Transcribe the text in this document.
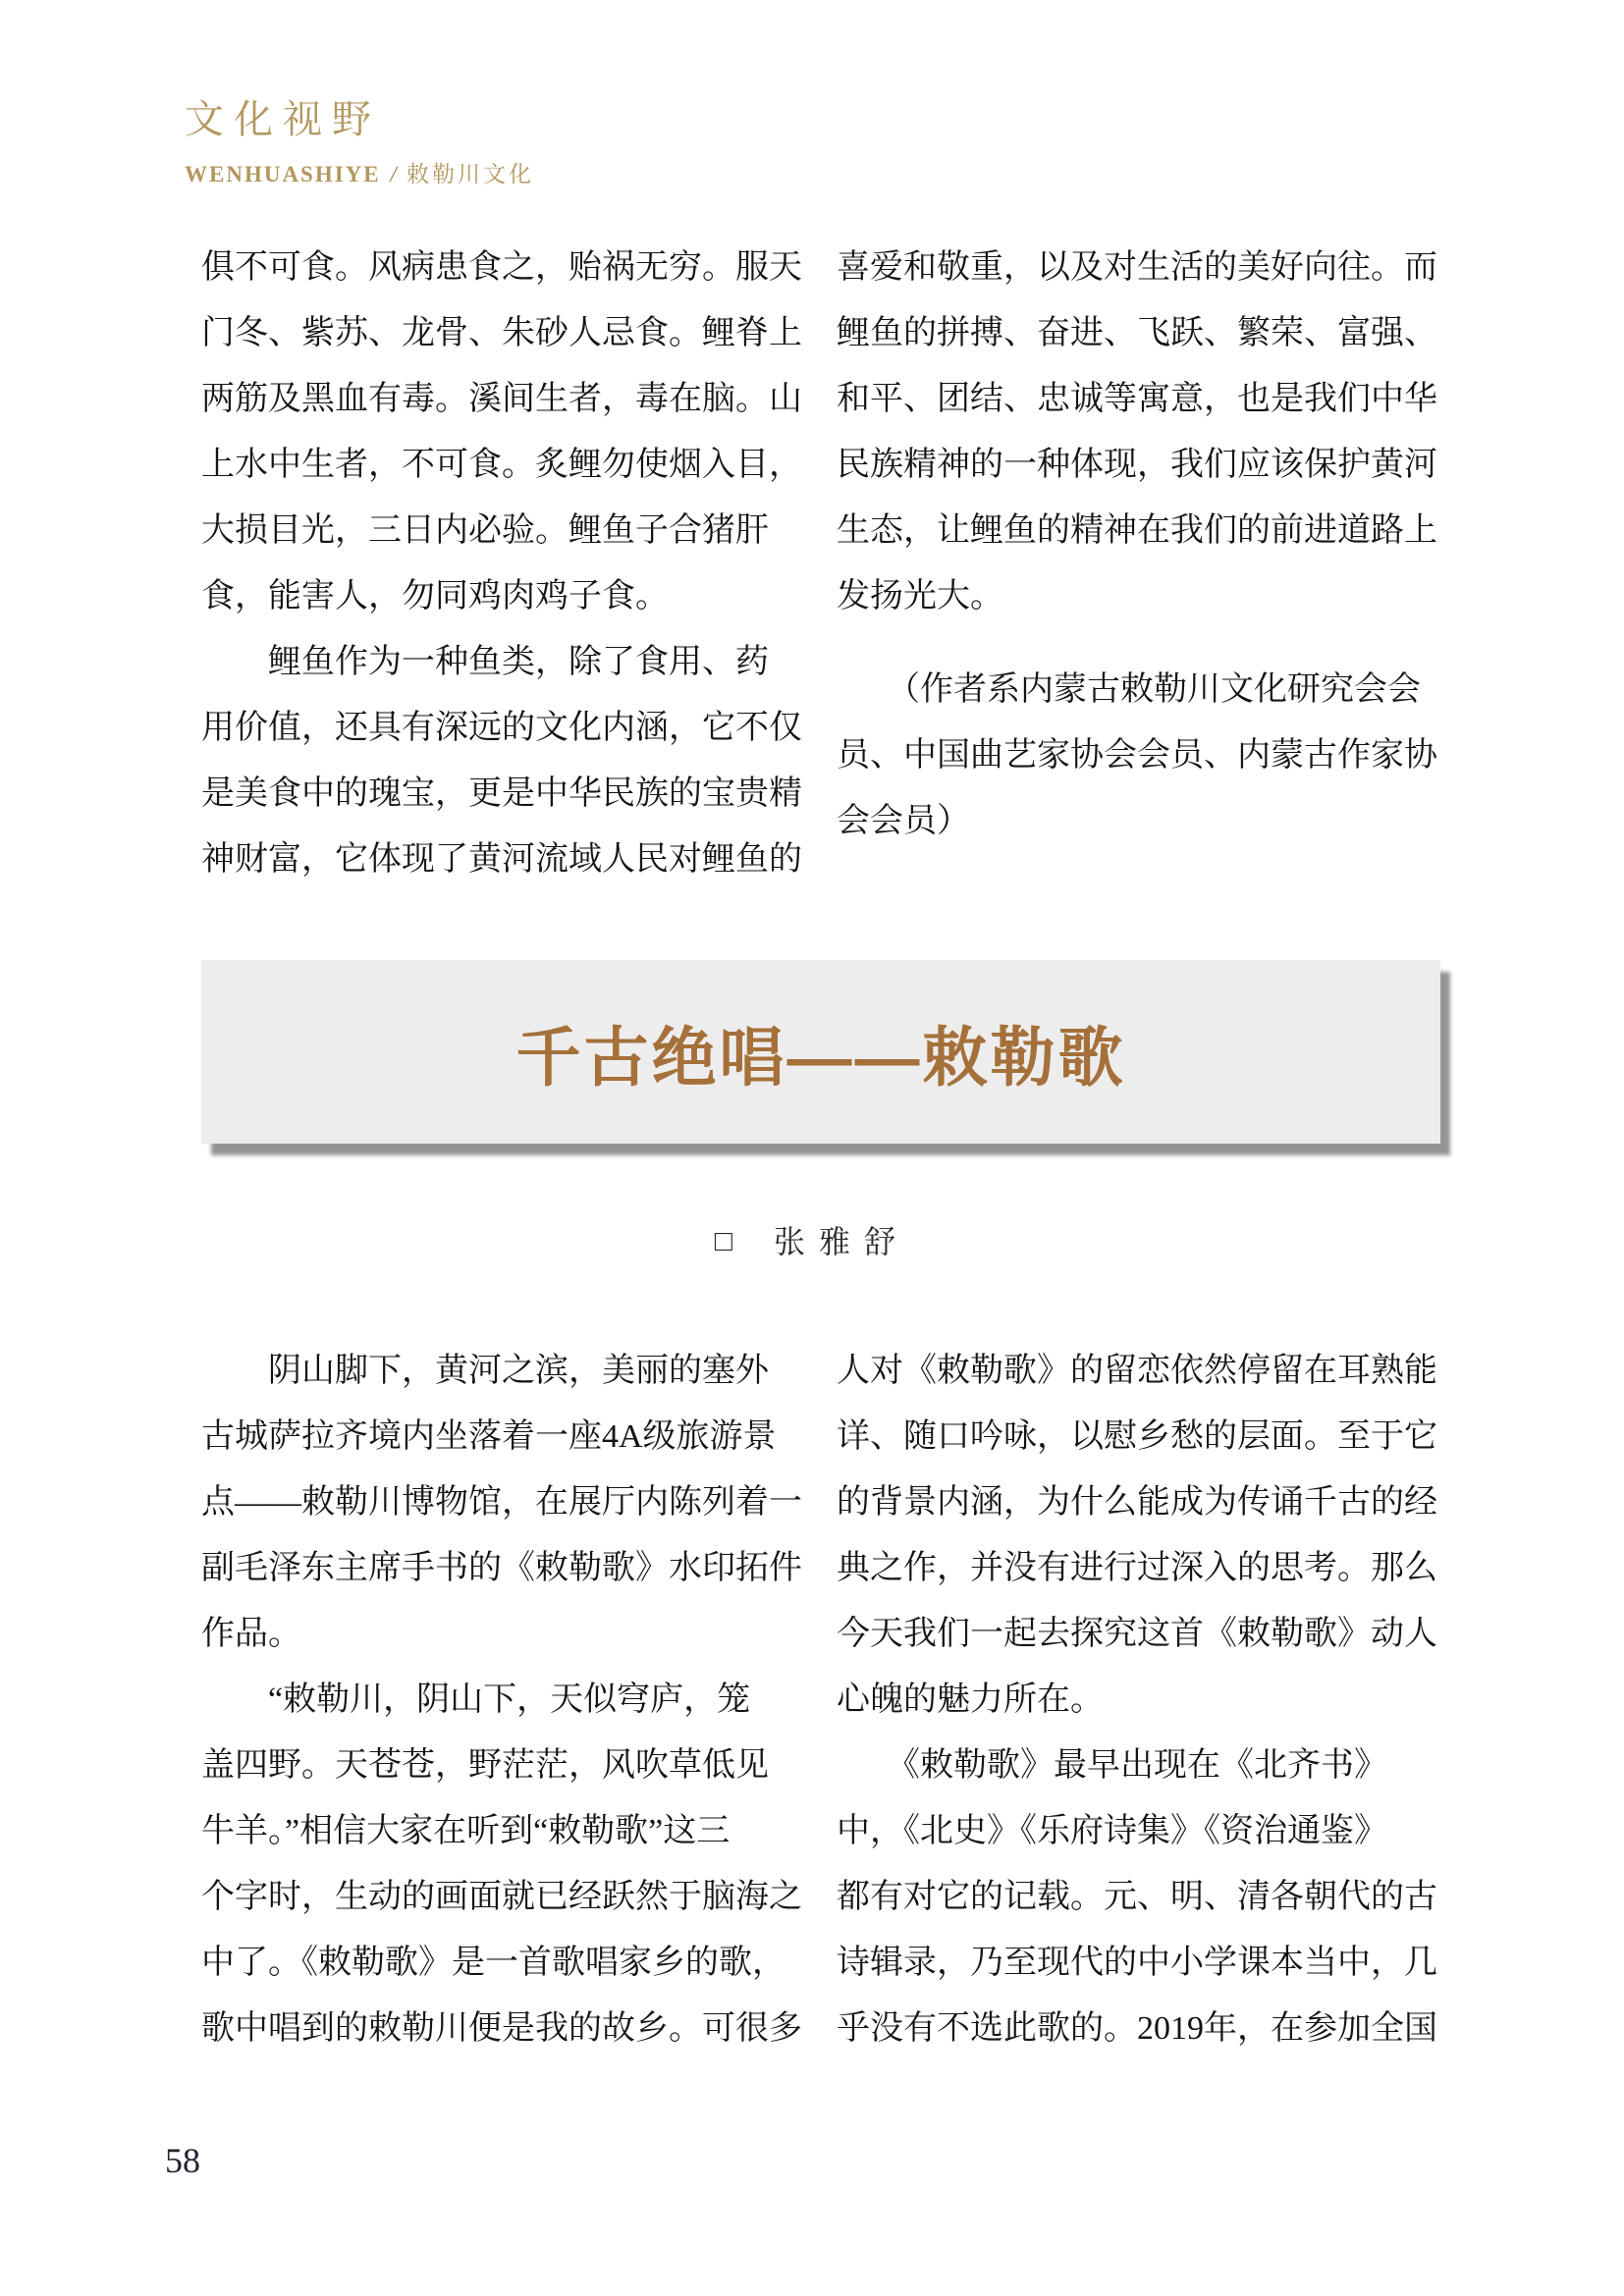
文化视野
WENHUASHIYE / 敕勒川文化
俱不可食。风病患食之，贻祸无穷。服天
门冬、紫苏、龙骨、朱砂人忌食。鲤脊上
两筋及黑血有毒。溪间生者，毒在脑。山
上水中生者，不可食。炙鲤勿使烟入目，
大损目光，三日内必验。鲤鱼子合猪肝
食，能害人，勿同鸡肉鸡子食。
　　鲤鱼作为一种鱼类，除了食用、药
用价值，还具有深远的文化内涵，它不仅
是美食中的瑰宝，更是中华民族的宝贵精
神财富，它体现了黄河流域人民对鲤鱼的
喜爱和敬重，以及对生活的美好向往。而
鲤鱼的拼搏、奋进、飞跃、繁荣、富强、
和平、团结、忠诚等寓意，也是我们中华
民族精神的一种体现，我们应该保护黄河
生态，让鲤鱼的精神在我们的前进道路上
发扬光大。
　　（作者系内蒙古敕勒川文化研究会会
员、中国曲艺家协会会员、内蒙古作家协
会会员）
千古绝唱——敕勒歌
□ 张雅舒
　　阴山脚下，黄河之滨，美丽的塞外
古城萨拉齐境内坐落着一座4A级旅游景
点——敕勒川博物馆，在展厅内陈列着一
副毛泽东主席手书的《敕勒歌》水印拓件
作品。
　　“敕勒川，阴山下，天似穹庐，笼
盖四野。天苍苍，野茫茫，风吹草低见
牛羊。”相信大家在听到“敕勒歌”这三
个字时，生动的画面就已经跃然于脑海之
中了。《敕勒歌》是一首歌唱家乡的歌，
歌中唱到的敕勒川便是我的故乡。可很多
人对《敕勒歌》的留恋依然停留在耳熟能
详、随口吟咏，以慰乡愁的层面。至于它
的背景内涵，为什么能成为传诵千古的经
典之作，并没有进行过深入的思考。那么
今天我们一起去探究这首《敕勒歌》动人
心魄的魅力所在。
　　《敕勒歌》最早出现在《北齐书》
中，《北史》《乐府诗集》《资治通鉴》
都有对它的记载。元、明、清各朝代的古
诗辑录，乃至现代的中小学课本当中，几
乎没有不选此歌的。2019年，在参加全国
58
